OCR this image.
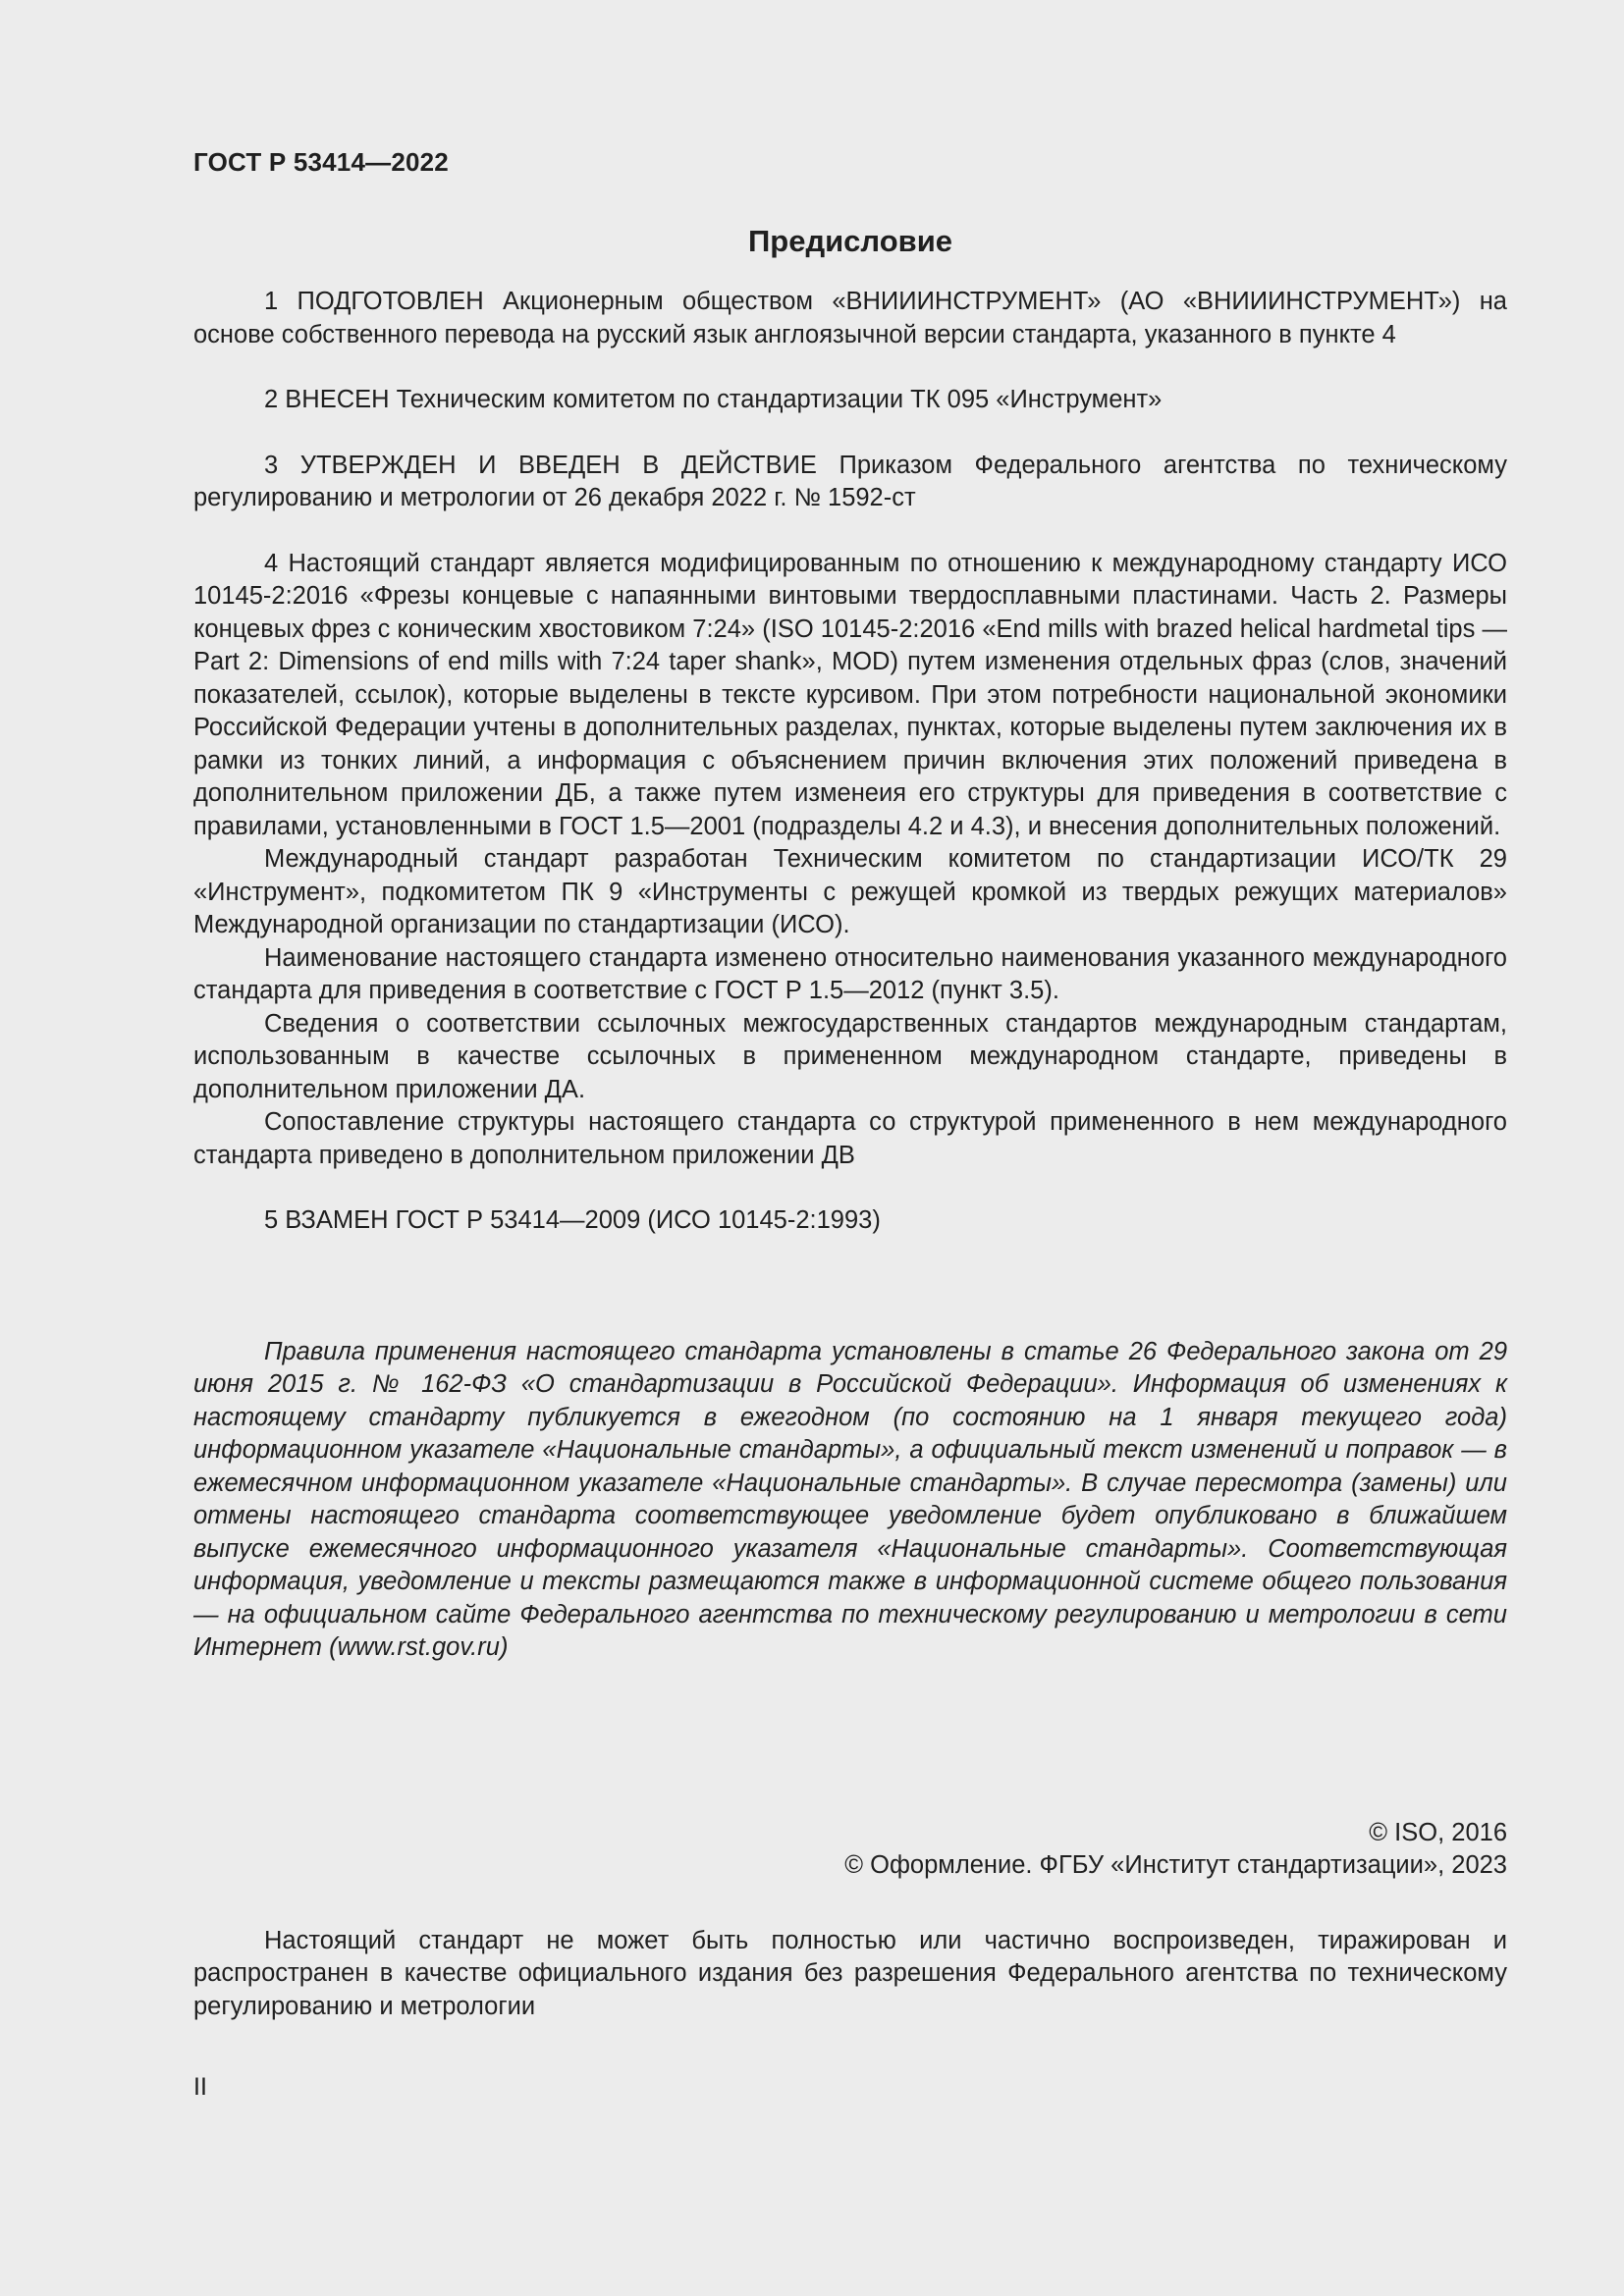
ГОСТ Р 53414—2022
Предисловие

1 ПОДГОТОВЛЕН Акционерным обществом «ВНИИИНСТРУМЕНТ» (АО «ВНИИИНСТРУМЕНТ») на основе собственного перевода на русский язык англоязычной версии стандарта, указанного в пункте 4

2 ВНЕСЕН Техническим комитетом по стандартизации ТК 095 «Инструмент»

3 УТВЕРЖДЕН И ВВЕДЕН В ДЕЙСТВИЕ Приказом Федерального агентства по техническому регулированию и метрологии от 26 декабря 2022 г. № 1592-ст

4 Настоящий стандарт является модифицированным по отношению к международному стандарту ИСО 10145-2:2016 «Фрезы концевые с напаянными винтовыми твердосплавными пластинами. Часть 2. Размеры концевых фрез с коническим хвостовиком 7:24» (ISO 10145-2:2016 «End mills with brazed helical hardmetal tips — Part 2: Dimensions of end mills with 7:24 taper shank», MOD) путем изменения отдельных фраз (слов, значений показателей, ссылок), которые выделены в тексте курсивом. При этом потребности национальной экономики Российской Федерации учтены в дополнительных разделах, пунктах, которые выделены путем заключения их в рамки из тонких линий, а информация с объяснением причин включения этих положений приведена в дополнительном приложении ДБ, а также путем изменеия его структуры для приведения в соответствие с правилами, установленными в ГОСТ 1.5—2001 (подразделы 4.2 и 4.3), и внесения дополнительных положений.

Международный стандарт разработан Техническим комитетом по стандартизации ИСО/ТК 29 «Инструмент», подкомитетом ПК 9 «Инструменты с режущей кромкой из твердых режущих материалов» Международной организации по стандартизации (ИСО).

Наименование настоящего стандарта изменено относительно наименования указанного международного стандарта для приведения в соответствие с ГОСТ Р 1.5—2012 (пункт 3.5).

Сведения о соответствии ссылочных межгосударственных стандартов международным стандартам, использованным в качестве ссылочных в примененном международном стандарте, приведены в дополнительном приложении ДА.

Сопоставление структуры настоящего стандарта со структурой примененного в нем международного стандарта приведено в дополнительном приложении ДВ

5 ВЗАМЕН ГОСТ Р 53414—2009 (ИСО 10145-2:1993)

Правила применения настоящего стандарта установлены в статье 26 Федерального закона от 29 июня 2015 г. № 162-ФЗ «О стандартизации в Российской Федерации». Информация об изменениях к настоящему стандарту публикуется в ежегодном (по состоянию на 1 января текущего года) информационном указателе «Национальные стандарты», а официальный текст изменений и поправок — в ежемесячном информационном указателе «Национальные стандарты». В случае пересмотра (замены) или отмены настоящего стандарта соответствующее уведомление будет опубликовано в ближайшем выпуске ежемесячного информационного указателя «Национальные стандарты». Соответствующая информация, уведомление и тексты размещаются также в информационной системе общего пользования — на официальном сайте Федерального агентства по техническому регулированию и метрологии в сети Интернет (www.rst.gov.ru)

© ISO, 2016
© Оформление. ФГБУ «Институт стандартизации», 2023

Настоящий стандарт не может быть полностью или частично воспроизведен, тиражирован и распространен в качестве официального издания без разрешения Федерального агентства по техническому регулированию и метрологии

II
